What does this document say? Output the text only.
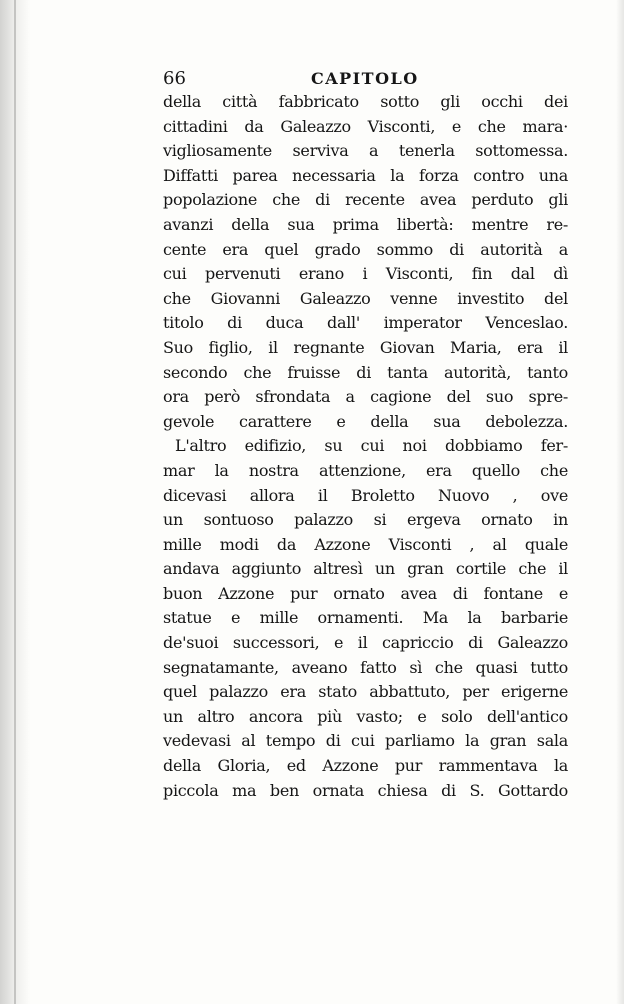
66	CAPITOLO
della città fabbricato sotto gli occhi dei
cittadini da Galeazzo Visconti, e che mara·
vigliosamente serviva a tenerla sottomessa.
Diffatti parea necessaria la forza contro una
popolazione che di recente avea perduto gli
avanzi della sua prima libertà: mentre re-
cente era quel grado sommo di autorità a
cui pervenuti erano i Visconti, fin dal dì
che Giovanni Galeazzo venne investito del
titolo di duca dall' imperator Venceslao.
Suo figlio, il regnante Giovan Maria, era il
secondo che fruisse di tanta autorità, tanto
ora però sfrondata a cagione del suo spre-
gevole carattere e della sua debolezza.
L'altro edifizio, su cui noi dobbiamo fer-
mar la nostra attenzione, era quello che
dicevasi allora il Broletto Nuovo , ove
un sontuoso palazzo si ergeva ornato in
mille modi da Azzone Visconti , al quale
andava aggiunto altresì un gran cortile che il
buon Azzone pur ornato avea di fontane e
statue e mille ornamenti. Ma la barbarie
de'suoi successori, e il capriccio di Galeazzo
segnatamante, aveano fatto sì che quasi tutto
quel palazzo era stato abbattuto, per erigerne
un altro ancora più vasto; e solo dell'antico
vedevasi al tempo di cui parliamo la gran sala
della Gloria, ed Azzone pur rammentava la
piccola ma ben ornata chiesa di S. Gottardo
